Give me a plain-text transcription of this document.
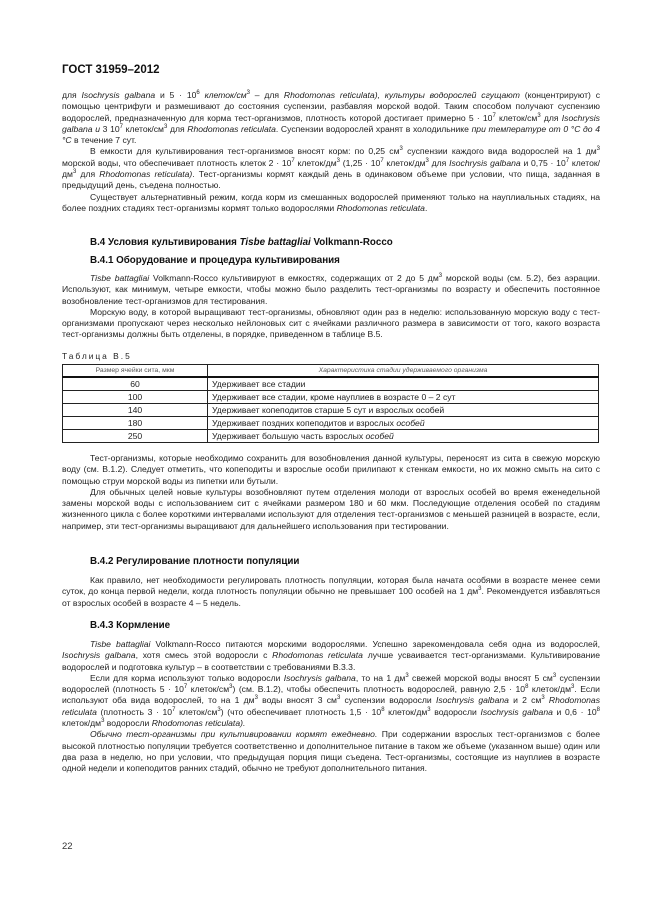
ГОСТ 31959–2012

для Isochrysis galbana и $5 \cdot 10^6$ клеток/$см^3$ – для Rhodomonas reticulata), культуры водорослей сгущают (концентрируют) с помощью центрифуги и размешивают до состояния суспензии, разбавляя морской водой. Таким способом получают суспензию водорослей, предназначенную для корма тест-организмов, плотность которой достигает примерно $5 \cdot 10^7$ клеток/$см^3$ для Isochrysis galbana u 3 $10^7$ клеток/$см^3$ для Rhodomonas reticulata. Суспензии водорослей хранят в холодильнике при температуре от 0 °С до 4 °С в течение 7 сут.

В емкости для культивирования тест-организмов вносят корм: по 0,25 $см^3$ суспензии каждого вида водорослей на 1 $дм^3$ морской воды, что обеспечивает плотность клеток $2 \cdot 10^7$ клеток/$дм^3$ ($1,25 \cdot 10^7$ клеток/$дм^3$ для Isochrysis galbana и $0,75 \cdot 10^7$ клеток/$дм^3$ для Rhodomonas reticulata). Тест-организмы кормят каждый день в одинаковом объеме при условии, что пища, заданная в предыдущий день, съедена полностью.

Существует альтернативный режим, когда корм из смешанных водорослей применяют только на науплиальных стадиях, на более поздних стадиях тест-организмы кормят только водорослями Rhodomonas reticulata.

В.4 Условия культивирования Tisbe battagliai Volkmann-Rocco
В.4.1 Оборудование и процедура культивирования

Tisbe battagliai Volkmann-Rocco культивируют в емкостях, содержащих от 2 до 5 $дм^3$ морской воды (см. 5.2), без аэрации. Используют, как минимум, четыре емкости, чтобы можно было разделить тест-организмы по возрасту и обеспечить постоянное возобновление тест-организмов для тестирования.

Морскую воду, в которой выращивают тест-организмы, обновляют один раз в неделю: использованную морскую воду с тест-организмами пропускают через несколько нейлоновых сит с ячейками различного размера в зависимости от того, какого возраста тест-организмы должны быть отделены, в порядке, приведенном в таблице В.5.

Таблица В.5
Размер ячейки сита, мкм	Характеристика стадии удерживаемого организма
60	Удерживает все стадии
100	Удерживает все стадии, кроме науплиев в возрасте 0 – 2 сут
140	Удерживает копеподитов старше 5 сут и взрослых особей
180	Удерживает поздних копеподитов и взрослых особей
250	Удерживает большую часть взрослых особей

Тест-организмы, которые необходимо сохранить для возобновления данной культуры, переносят из сита в свежую морскую воду (см. В.1.2). Следует отметить, что копеподиты и взрослые особи прилипают к стенкам емкости, но их можно смыть на сито с помощью струи морской воды из пипетки или бутыли.

Для обычных целей новые культуры возобновляют путем отделения молоди от взрослых особей во время еженедельной замены морской воды с использованием сит с ячейками размером 180 и 60 мкм. Последующие отделения особей по стадиям жизненного цикла с более короткими интервалами используют для отделения тест-организмов с меньшей разницей в возрасте, если, например, эти тест-организмы выращивают для дальнейшего использования при тестировании.

В.4.2 Регулирование плотности популяции

Как правило, нет необходимости регулировать плотность популяции, которая была начата особями в возрасте менее семи суток, до конца первой недели, когда плотность популяции обычно не превышает 100 особей на 1 $дм^3$. Рекомендуется избавляться от взрослых особей в возрасте 4 – 5 недель.

В.4.3 Кормление

Tisbe battagliai Volkmann-Rocco питаются морскими водорослями. Успешно зарекомендовала себя одна из водорослей, Isochrysis galbana, хотя смесь этой водоросли с Rhodomonas reticulata лучше усваивается тест-организмами. Культивирование водорослей и подготовка культур – в соответствии с требованиями В.3.3.

Если для корма используют только водоросли Isochrysis galbana, то на 1 $дм^3$ свежей морской воды вносят 5 $см^3$ суспензии водорослей (плотность $5 \cdot 10^7$ клеток/$см^3$) (см. В.1.2), чтобы обеспечить плотность водорослей, равную $2,5 \cdot 10^8$ клеток/$дм^3$. Если используют оба вида водорослей, то на 1 $дм^3$ воды вносят 3 $см^3$ суспензии водоросли Isochrysis galbana и 2 $см^3$ Rhodomonas reticulata (плотность $3 \cdot 10^7$ клеток/$см^3$) (что обеспечивает плотность $1,5 \cdot 10^8$ клеток/$дм^3$ водоросли Isochrysis galbana и $0,6 \cdot 10^8$ клеток/$дм^3$ водоросли Rhodomonas reticulata).

Обычно тест-организмы при культивировании кормят ежедневно. При содержании взрослых тест-организмов с более высокой плотностью популяции требуется соответственно и дополнительное питание в таком же объеме (указанном выше) один или два раза в неделю, но при условии, что предыдущая порция пищи съедена. Тест-организмы, состоящие из науплиев в возрасте одной недели и копеподитов ранних стадий, обычно не требуют дополнительного питания.

22
